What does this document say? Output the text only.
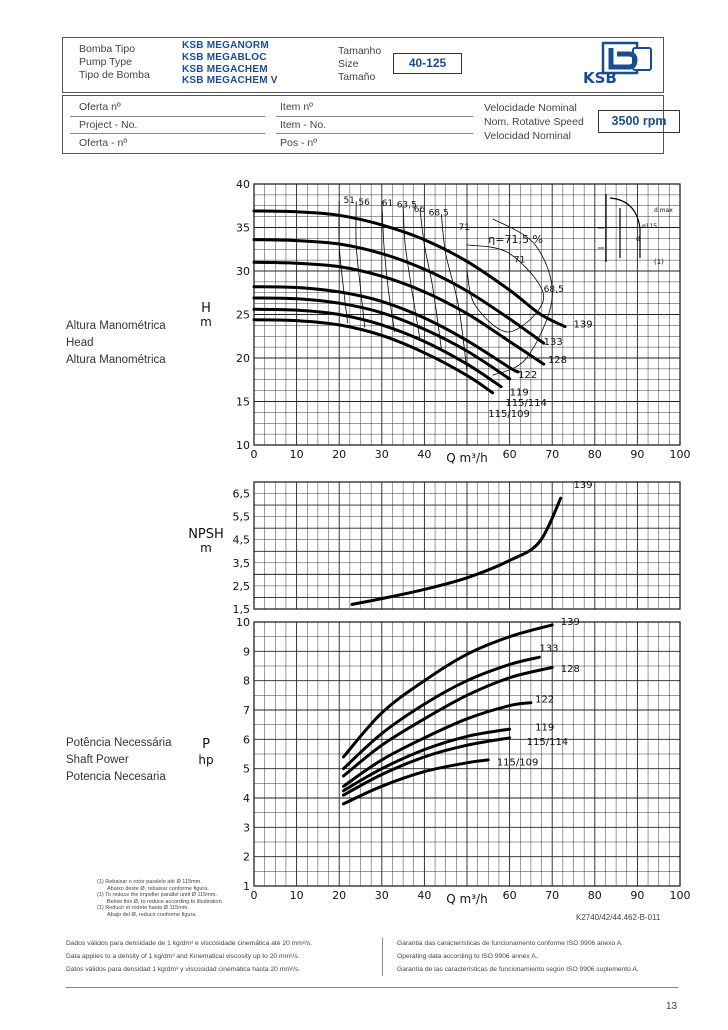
Bomba Tipo
Pump Type
Tipo de Bomba
KSB MEGANORM
KSB MEGABLOC
KSB MEGACHEM
KSB MEGACHEM V
Tamanho
Size
Tamaño
40-125
KSB
Oferta nº
Project - No.
Oferta - nº
Item nº
Item - No.
Pos - nº
Velocidade Nominal
Nom. Rotative Speed
Velocidad Nominal
3500 rpm
Altura Manométrica
Head
Altura Manométrica
Potência Necessária
Shaft Power
Potencia Necesaria
10
15
20
25
30
35
40
0	10	20	30	40	60	70	80	90 100
Q m³/h
H
m	139
133
128
122
119
115/114
115/109
1,5
2,5
3,5
4,5
5,5
6,5
NPSH
m
139
1
2
3
4
5
6
7
8
9
10
0	10	20	30	40	60	70	80	90 100
Q m³/h
P
hp
139
133
128
122
119
115/114
115/109
51 56 61 63,5
66 68,5
71
η=71,5 %
71
68,5
d max
ø115
d
(1)
(1) Rebaixar o rotor paralelo até Ø 115mm.
Abaixo deste Ø, rebaixar conforme figura.
(1) To reduce the impeller parallel until Ø 115mm.
Below this Ø, to reduce according to illustration.
(1) Reducir el rodete hasta Ø 115mm.
Abajo del Ø, reducir conforme figura.	K2740/42/44.462-B-011
Dados válidos para densidade de 1 kg/dm³ e viscosidade cinemática até 20 mm²/s.
Data applies to a density of 1 kg/dm³ and Kinematical viscosity up to 20 mm²/s.
Datos válidos para densidad 1 kg/dm³ y viscosidad cinemática hasta 20 mm²/s.
Garantia das características de funcionamento conforme ISO 9906 anexo A.
Operating data according to ISO 9906 annex A.
Garantía de las características de funcionamiento según ISO 9906 suplemento A.
13
